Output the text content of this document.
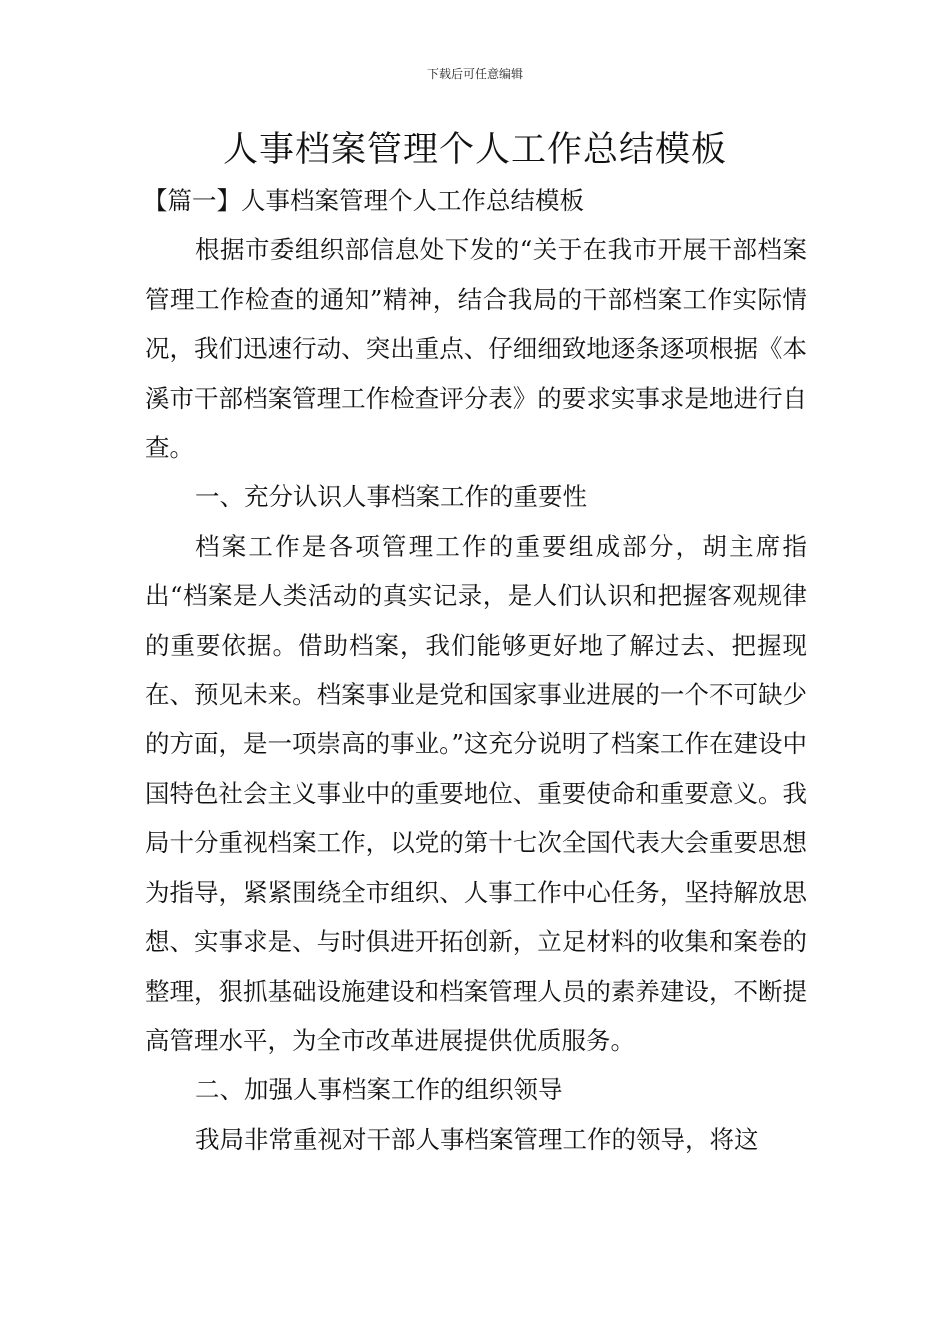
下载后可任意编辑
人事档案管理个人工作总结模板

【篇一】人事档案管理个人工作总结模板

根据市委组织部信息处下发的“关于在我市开展干部档案管理工作检查的通知”精神，结合我局的干部档案工作实际情况，我们迅速行动、突出重点、仔细细致地逐条逐项根据《本溪市干部档案管理工作检查评分表》的要求实事求是地进行自查。

一、充分认识人事档案工作的重要性

档案工作是各项管理工作的重要组成部分，胡主席指出“档案是人类活动的真实记录，是人们认识和把握客观规律的重要依据。借助档案，我们能够更好地了解过去、把握现在、预见未来。档案事业是党和国家事业进展的一个不可缺少的方面，是一项崇高的事业。”这充分说明了档案工作在建设中国特色社会主义事业中的重要地位、重要使命和重要意义。我局十分重视档案工作，以党的第十七次全国代表大会重要思想为指导，紧紧围绕全市组织、人事工作中心任务，坚持解放思想、实事求是、与时俱进开拓创新，立足材料的收集和案卷的整理，狠抓基础设施建设和档案管理人员的素养建设，不断提高管理水平，为全市改革进展提供优质服务。

二、加强人事档案工作的组织领导

我局非常重视对干部人事档案管理工作的领导，将这
